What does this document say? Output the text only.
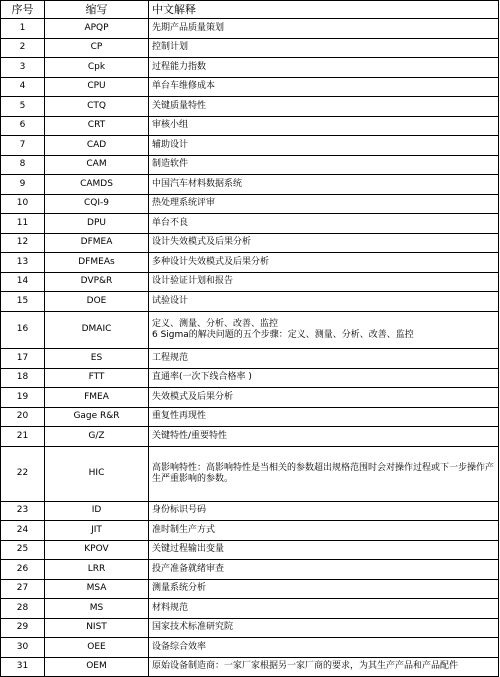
序号	缩写	中文解释
1	APQP	先期产品质量策划
2	CP	控制计划
3	Cpk	过程能力指数
4	CPU	单台车维修成本
5	CTQ	关键质量特性
6	CRT	审核小组
7	CAD	辅助设计
8	CAM	制造软件
9	CAMDS	中国汽车材料数据系统
10	CQI-9	热处理系统评审
11	DPU	单台不良
12	DFMEA	设计失效模式及后果分析
13	DFMEAs	多种设计失效模式及后果分析
14	DVP&R	设计验证计划和报告
15	DOE	试验设计
16	DMAIC	定义、测量、分析、改善、监控
6 Sigma的解决问题的五个步骤：定义、测量、分析、改善、监控

17	ES	工程规范
18	FTT	直通率(一次下线合格率 )
19	FMEA	失效模式及后果分析
20	Gage R&R	重复性再现性
21	G/Z	关键特性/重要特性
22	HIC	高影响特性：高影响特性是当相关的参数超出规格范围时会对操作过程或下一步操作产生严重影响的参数。
23	ID	身份标识号码
24	JIT	准时制生产方式
25	KPOV	关键过程输出变量
26	LRR	投产准备就绪审查
27	MSA	测量系统分析
28	MS	材料规范
29	NIST	国家技术标准研究院
30	OEE	设备综合效率
31	OEM	原始设备制造商：一家厂家根据另一家厂商的要求，为其生产产品和产品配件
